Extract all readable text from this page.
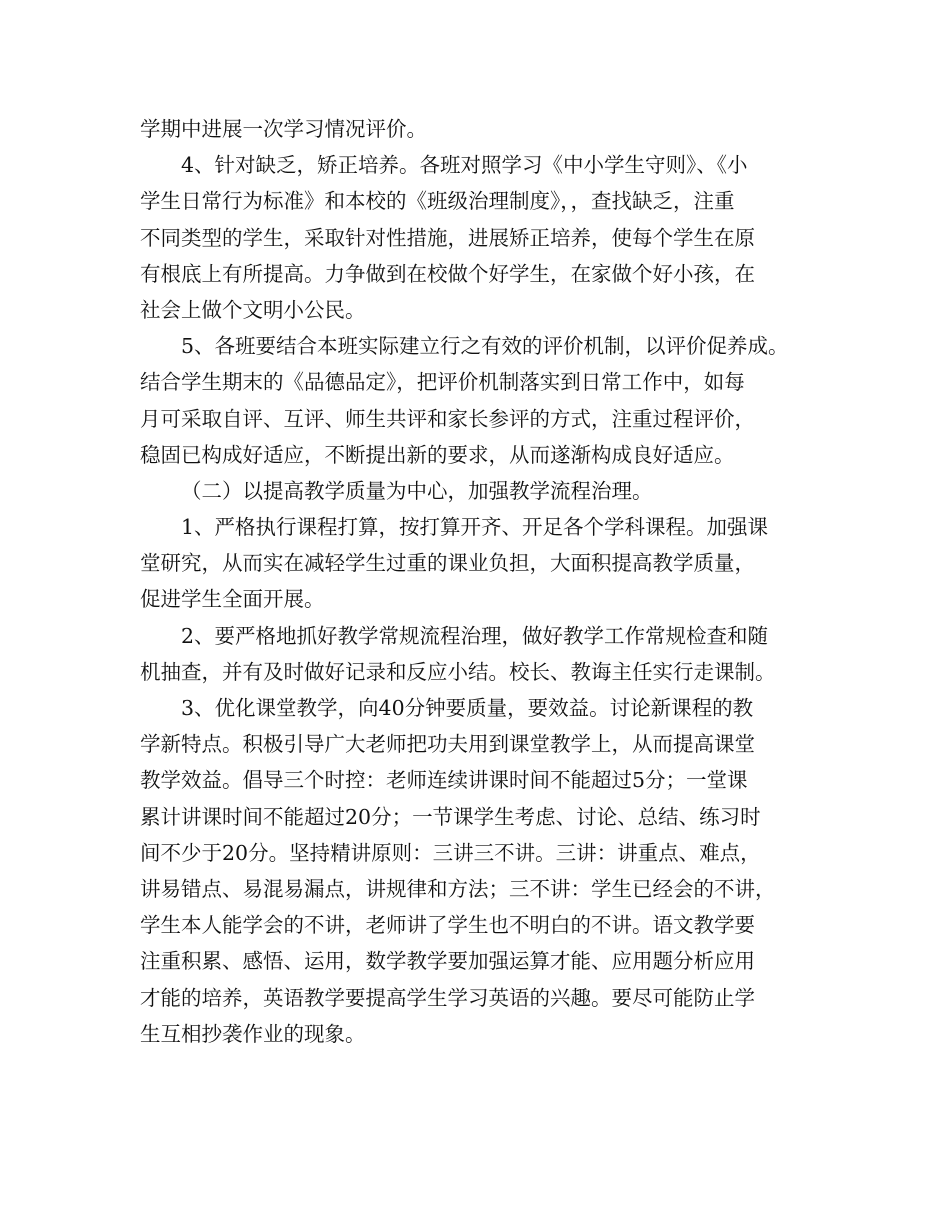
学期中进展一次学习情况评价。
4、针对缺乏，矫正培养。各班对照学习《中小学生守则》、《小
学生日常行为标准》和本校的《班级治理制度》，，查找缺乏，注重
不同类型的学生，采取针对性措施，进展矫正培养，使每个学生在原
有根底上有所提高。力争做到在校做个好学生，在家做个好小孩，在
社会上做个文明小公民。
5、各班要结合本班实际建立行之有效的评价机制，以评价促养成。
结合学生期末的《品德品定》，把评价机制落实到日常工作中，如每
月可采取自评、互评、师生共评和家长参评的方式，注重过程评价，
稳固已构成好适应，不断提出新的要求，从而遂渐构成良好适应。
（二）以提高教学质量为中心，加强教学流程治理。
1、严格执行课程打算，按打算开齐、开足各个学科课程。加强课
堂研究，从而实在减轻学生过重的课业负担，大面积提高教学质量，
促进学生全面开展。
2、要严格地抓好教学常规流程治理，做好教学工作常规检查和随
机抽查，并有及时做好记录和反应小结。校长、教诲主任实行走课制。
3、优化课堂教学，向40分钟要质量，要效益。讨论新课程的教
学新特点。积极引导广大老师把功夫用到课堂教学上，从而提高课堂
教学效益。倡导三个时控：老师连续讲课时间不能超过5分；一堂课
累计讲课时间不能超过20分；一节课学生考虑、讨论、总结、练习时
间不少于20分。坚持精讲原则：三讲三不讲。三讲：讲重点、难点，
讲易错点、易混易漏点，讲规律和方法；三不讲：学生已经会的不讲，
学生本人能学会的不讲，老师讲了学生也不明白的不讲。语文教学要
注重积累、感悟、运用，数学教学要加强运算才能、应用题分析应用
才能的培养，英语教学要提高学生学习英语的兴趣。要尽可能防止学
生互相抄袭作业的现象。
